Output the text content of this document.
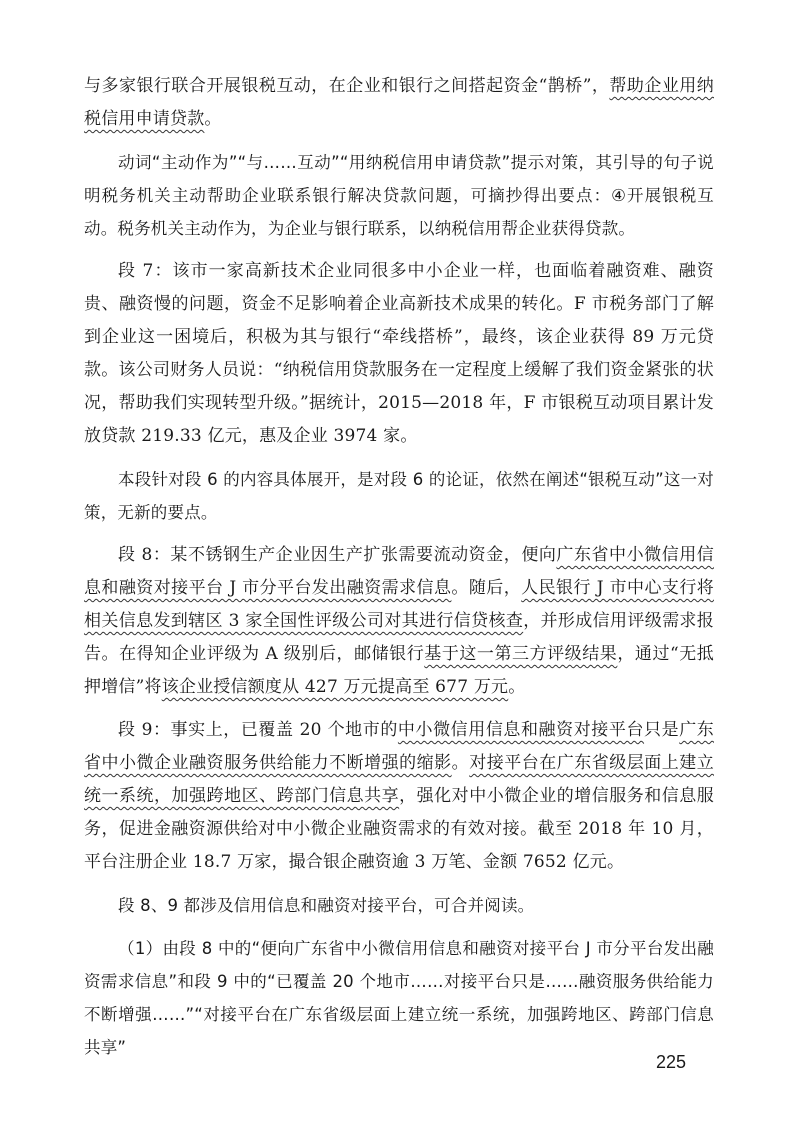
与多家银行联合开展银税互动，在企业和银行之间搭起资金“鹊桥”，帮助企业用纳税信用申请贷款。

动词“主动作为”“与……互动”“用纳税信用申请贷款”提示对策，其引导的句子说明税务机关主动帮助企业联系银行解决贷款问题，可摘抄得出要点：④开展银税互动。税务机关主动作为，为企业与银行联系，以纳税信用帮企业获得贷款。

段 7：该市一家高新技术企业同很多中小企业一样，也面临着融资难、融资贵、融资慢的问题，资金不足影响着企业高新技术成果的转化。F 市税务部门了解到企业这一困境后，积极为其与银行“牵线搭桥”，最终，该企业获得 89 万元贷款。该公司财务人员说：“纳税信用贷款服务在一定程度上缓解了我们资金紧张的状况，帮助我们实现转型升级。”据统计，2015—2018 年，F 市银税互动项目累计发放贷款 219.33 亿元，惠及企业 3974 家。

本段针对段 6 的内容具体展开，是对段 6 的论证，依然在阐述“银税互动”这一对策，无新的要点。

段 8：某不锈钢生产企业因生产扩张需要流动资金，便向广东省中小微信用信息和融资对接平台 J 市分平台发出融资需求信息。随后，人民银行 J 市中心支行将相关信息发到辖区 3 家全国性评级公司对其进行信贷核查，并形成信用评级需求报告。在得知企业评级为 A 级别后，邮储银行基于这一第三方评级结果，通过“无抵押增信”将该企业授信额度从 427 万元提高至 677 万元。

段 9：事实上，已覆盖 20 个地市的中小微信用信息和融资对接平台只是广东省中小微企业融资服务供给能力不断增强的缩影。对接平台在广东省级层面上建立统一系统，加强跨地区、跨部门信息共享，强化对中小微企业的增信服务和信息服务，促进金融资源供给对中小微企业融资需求的有效对接。截至 2018 年 10 月，平台注册企业 18.7 万家，撮合银企融资逾 3 万笔、金额 7652 亿元。

段 8、9 都涉及信用信息和融资对接平台，可合并阅读。

（1）由段 8 中的“便向广东省中小微信用信息和融资对接平台 J 市分平台发出融资需求信息”和段 9 中的“已覆盖 20 个地市……对接平台只是……融资服务供给能力不断增强……”“对接平台在广东省级层面上建立统一系统，加强跨地区、跨部门信息共享”

225
